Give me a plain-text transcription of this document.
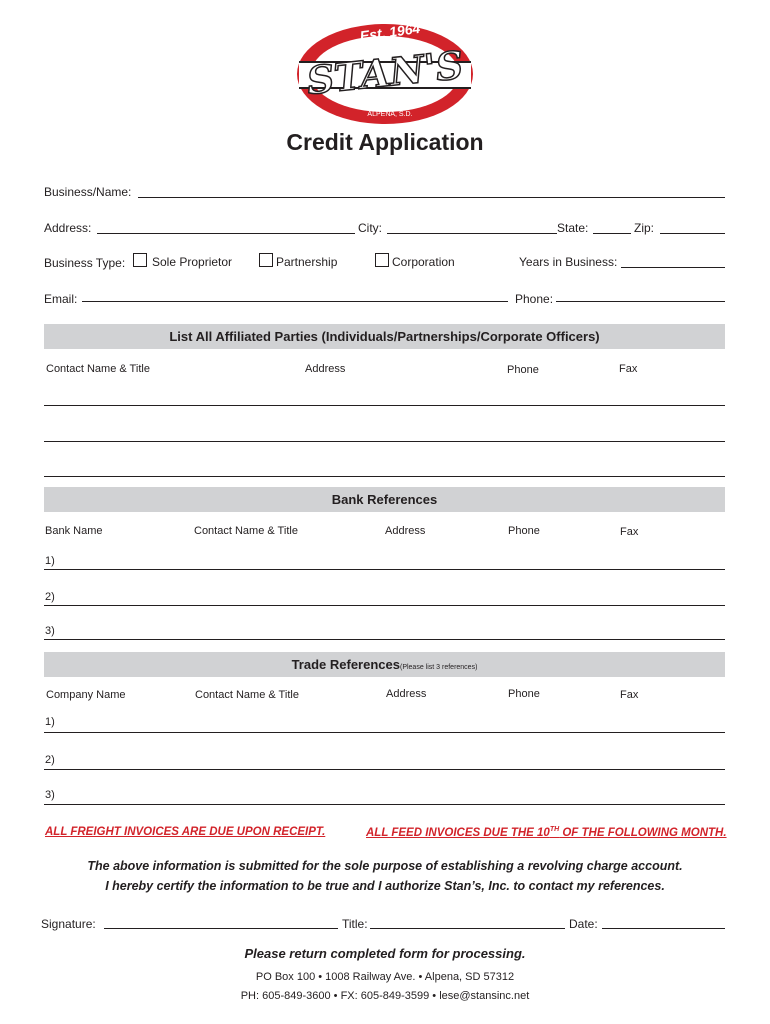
Est. 1964
STAN'S
ALPENA, S.D.
Credit Application
Business/Name:
Address:	City:	State:	Zip:
Business Type: Sole Proprietor	Partnership	Corporation	Years in Business:
Email:	Phone:
List All Affiliated Parties (Individuals/Partnerships/Corporate Officers)
Contact Name & Title	Address	Phone	Fax
Bank References
Bank Name	Contact Name & Title	Address	Phone	Fax
1)
2)
3)
Trade References(Please list 3 references)
Company Name	Contact Name & Title	Address	Phone	Fax
1)
2)
3)
ALL FREIGHT INVOICES ARE DUE UPON RECEIPT.	ALL FEED INVOICES DUE THE 10TH OF THE FOLLOWING MONTH.
The above information is submitted for the sole purpose of establishing a revolving charge account.
I hereby certify the information to be true and I authorize Stan’s, Inc. to contact my references.
Signature:	Title:	Date:
Please return completed form for processing.
PO Box 100 • 1008 Railway Ave. • Alpena, SD 57312
PH: 605-849-3600 • FX: 605-849-3599 • lese@stansinc.net
